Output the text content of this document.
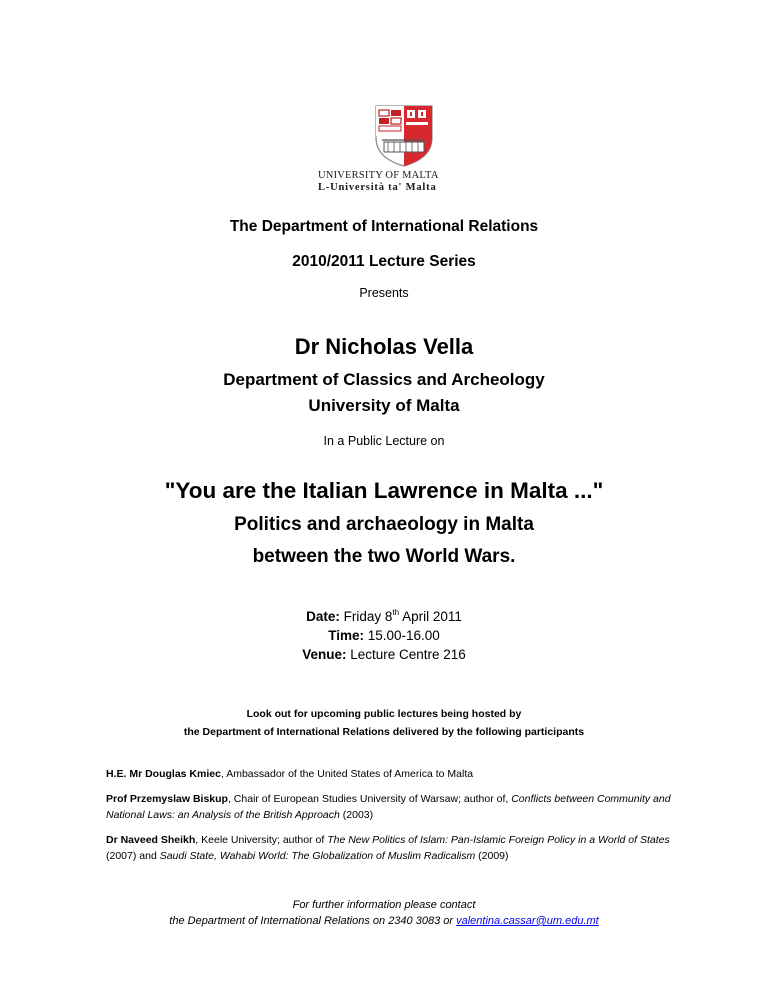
UNIVERSITY OF MALTA
L-Università ta' Malta
The Department of International Relations
2010/2011 Lecture Series
Presents
Dr Nicholas Vella
Department of Classics and Archeology
University of Malta
In a Public Lecture on
"You are the Italian Lawrence in Malta ..."
Politics and archaeology in Malta
between the two World Wars.
Date: Friday 8th April 2011
Time: 15.00-16.00
Venue: Lecture Centre 216
Look out for upcoming public lectures being hosted by
the Department of International Relations delivered by the following participants
H.E. Mr Douglas Kmiec, Ambassador of the United States of America to Malta
Prof Przemyslaw Biskup, Chair of European Studies University of Warsaw; author of, Conflicts between Community and National Laws: an Analysis of the British Approach (2003)
Dr Naveed Sheikh, Keele University; author of The New Politics of Islam: Pan-Islamic Foreign Policy in a World of States (2007) and Saudi State, Wahabi World: The Globalization of Muslim Radicalism (2009)
For further information please contact
the Department of International Relations on 2340 3083 or valentina.cassar@um.edu.mt
